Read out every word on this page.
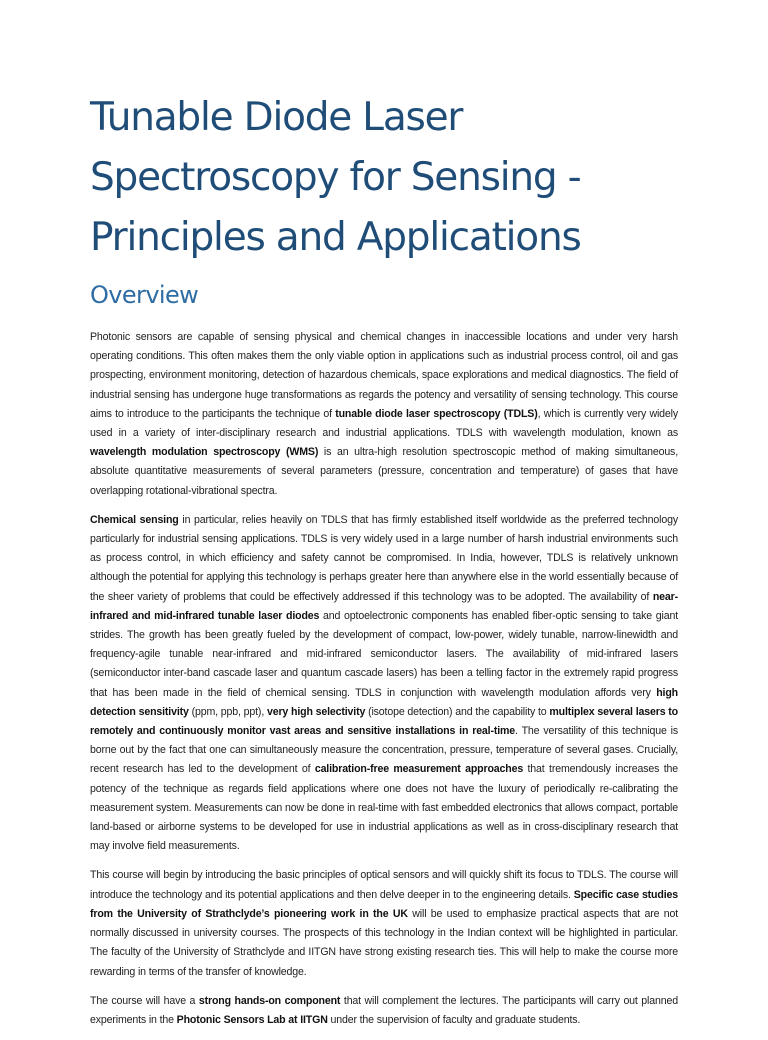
Tunable Diode Laser Spectroscopy for Sensing - Principles and Applications
Overview

Photonic sensors are capable of sensing physical and chemical changes in inaccessible locations and under very harsh operating conditions. This often makes them the only viable option in applications such as industrial process control, oil and gas prospecting, environment monitoring, detection of hazardous chemicals, space explorations and medical diagnostics. The field of industrial sensing has undergone huge transformations as regards the potency and versatility of sensing technology. This course aims to introduce to the participants the technique of tunable diode laser spectroscopy (TDLS), which is currently very widely used in a variety of inter-disciplinary research and industrial applications. TDLS with wavelength modulation, known as wavelength modulation spectroscopy (WMS) is an ultra-high resolution spectroscopic method of making simultaneous, absolute quantitative measurements of several parameters (pressure, concentration and temperature) of gases that have overlapping rotational-vibrational spectra.

Chemical sensing in particular, relies heavily on TDLS that has firmly established itself worldwide as the preferred technology particularly for industrial sensing applications. TDLS is very widely used in a large number of harsh industrial environments such as process control, in which efficiency and safety cannot be compromised. In India, however, TDLS is relatively unknown although the potential for applying this technology is perhaps greater here than anywhere else in the world essentially because of the sheer variety of problems that could be effectively addressed if this technology was to be adopted. The availability of near-infrared and mid-infrared tunable laser diodes and optoelectronic components has enabled fiber-optic sensing to take giant strides. The growth has been greatly fueled by the development of compact, low-power, widely tunable, narrow-linewidth and frequency-agile tunable near-infrared and mid-infrared semiconductor lasers. The availability of mid-infrared lasers (semiconductor inter-band cascade laser and quantum cascade lasers) has been a telling factor in the extremely rapid progress that has been made in the field of chemical sensing. TDLS in conjunction with wavelength modulation affords very high detection sensitivity (ppm, ppb, ppt), very high selectivity (isotope detection) and the capability to multiplex several lasers to remotely and continuously monitor vast areas and sensitive installations in real-time. The versatility of this technique is borne out by the fact that one can simultaneously measure the concentration, pressure, temperature of several gases. Crucially, recent research has led to the development of calibration-free measurement approaches that tremendously increases the potency of the technique as regards field applications where one does not have the luxury of periodically re-calibrating the measurement system. Measurements can now be done in real-time with fast embedded electronics that allows compact, portable land-based or airborne systems to be developed for use in industrial applications as well as in cross-disciplinary research that may involve field measurements.

This course will begin by introducing the basic principles of optical sensors and will quickly shift its focus to TDLS. The course will introduce the technology and its potential applications and then delve deeper in to the engineering details. Specific case studies from the University of Strathclyde’s pioneering work in the UK will be used to emphasize practical aspects that are not normally discussed in university courses. The prospects of this technology in the Indian context will be highlighted in particular. The faculty of the University of Strathclyde and IITGN have strong existing research ties. This will help to make the course more rewarding in terms of the transfer of knowledge.

The course will have a strong hands-on component that will complement the lectures. The participants will carry out planned experiments in the Photonic Sensors Lab at IITGN under the supervision of faculty and graduate students.
